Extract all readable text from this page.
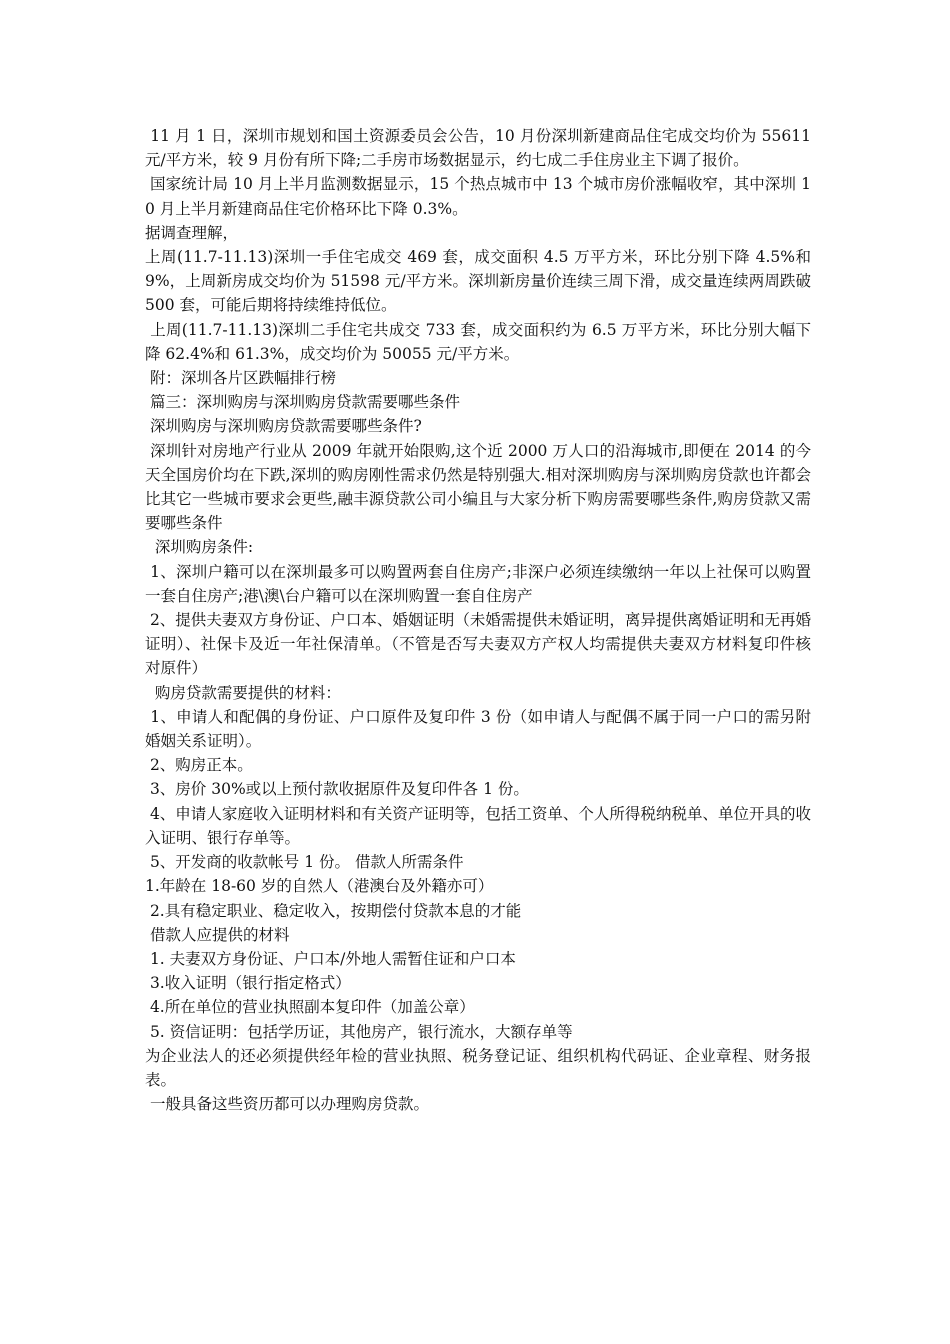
11 月 1 日，深圳市规划和国土资源委员会公告，10 月份深圳新建商品住宅成交均价为 55611 元/平方米，较 9 月份有所下降;二手房市场数据显示，约七成二手住房业主下调了报价。

国家统计局 10 月上半月监测数据显示，15 个热点城市中 13 个城市房价涨幅收窄，其中深圳 10 月上半月新建商品住宅价格环比下降 0.3%。

据调查理解，

上周(11.7-11.13)深圳一手住宅成交 469 套，成交面积 4.5 万平方米，环比分别下降 4.5%和 9%，上周新房成交均价为 51598 元/平方米。深圳新房量价连续三周下滑，成交量连续两周跌破 500 套，可能后期将持续维持低位。

上周(11.7-11.13)深圳二手住宅共成交 733 套，成交面积约为 6.5 万平方米，环比分别大幅下降 62.4%和 61.3%，成交均价为 50055 元/平方米。

附：深圳各片区跌幅排行榜

篇三：深圳购房与深圳购房贷款需要哪些条件

深圳购房与深圳购房贷款需要哪些条件?

深圳针对房地产行业从 2009 年就开始限购,这个近 2000 万人口的沿海城市,即便在 2014 的今天全国房价均在下跌,深圳的购房刚性需求仍然是特别强大.相对深圳购房与深圳购房贷款也许都会比其它一些城市要求会更些,融丰源贷款公司小编且与大家分析下购房需要哪些条件,购房贷款又需要哪些条件

深圳购房条件:

1、深圳户籍可以在深圳最多可以购置两套自住房产;非深户必须连续缴纳一年以上社保可以购置一套自住房产;港\澳\台户籍可以在深圳购置一套自住房产

2、提供夫妻双方身份证、户口本、婚姻证明（未婚需提供未婚证明，离异提供离婚证明和无再婚证明）、社保卡及近一年社保清单。（不管是否写夫妻双方产权人均需提供夫妻双方材料复印件核对原件）

购房贷款需要提供的材料：

1、申请人和配偶的身份证、户口原件及复印件 3 份（如申请人与配偶不属于同一户口的需另附婚姻关系证明）。

2、购房正本。

3、房价 30%或以上预付款收据原件及复印件各 1 份。

4、申请人家庭收入证明材料和有关资产证明等，包括工资单、个人所得税纳税单、单位开具的收入证明、银行存单等。

5、开发商的收款帐号 1 份。 借款人所需条件

1.年龄在 18-60 岁的自然人（港澳台及外籍亦可）

2.具有稳定职业、稳定收入，按期偿付贷款本息的才能

借款人应提供的材料

1. 夫妻双方身份证、户口本/外地人需暂住证和户口本

3.收入证明（银行指定格式）

4.所在单位的营业执照副本复印件（加盖公章）

5. 资信证明：包括学历证，其他房产，银行流水，大额存单等

为企业法人的还必须提供经年检的营业执照、税务登记证、组织机构代码证、企业章程、财务报表。

一般具备这些资历都可以办理购房贷款。
